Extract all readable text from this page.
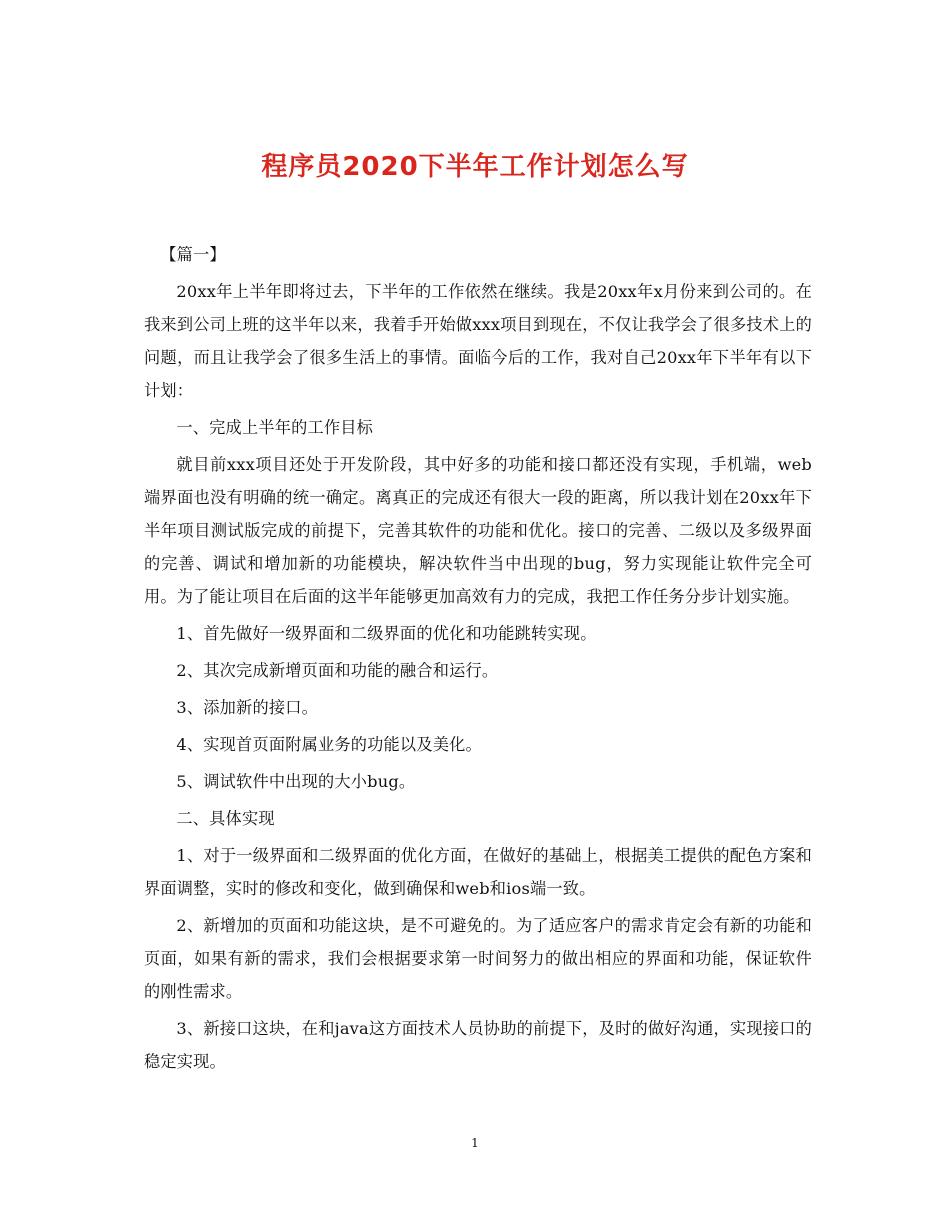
程序员2020下半年工作计划怎么写

【篇一】

20xx年上半年即将过去，下半年的工作依然在继续。我是20xx年x月份来到公司的。在我来到公司上班的这半年以来，我着手开始做xxx项目到现在，不仅让我学会了很多技术上的问题，而且让我学会了很多生活上的事情。面临今后的工作，我对自己20xx年下半年有以下计划：

一、完成上半年的工作目标

就目前xxx项目还处于开发阶段，其中好多的功能和接口都还没有实现，手机端，web端界面也没有明确的统一确定。离真正的完成还有很大一段的距离，所以我计划在20xx年下半年项目测试版完成的前提下，完善其软件的功能和优化。接口的完善、二级以及多级界面的完善、调试和增加新的功能模块，解决软件当中出现的bug，努力实现能让软件完全可用。为了能让项目在后面的这半年能够更加高效有力的完成，我把工作任务分步计划实施。

1、首先做好一级界面和二级界面的优化和功能跳转实现。

2、其次完成新增页面和功能的融合和运行。

3、添加新的接口。

4、实现首页面附属业务的功能以及美化。

5、调试软件中出现的大小bug。

二、具体实现

1、对于一级界面和二级界面的优化方面，在做好的基础上，根据美工提供的配色方案和界面调整，实时的修改和变化，做到确保和web和ios端一致。

2、新增加的页面和功能这块，是不可避免的。为了适应客户的需求肯定会有新的功能和页面，如果有新的需求，我们会根据要求第一时间努力的做出相应的界面和功能，保证软件的刚性需求。

3、新接口这块，在和java这方面技术人员协助的前提下，及时的做好沟通，实现接口的稳定实现。

1
